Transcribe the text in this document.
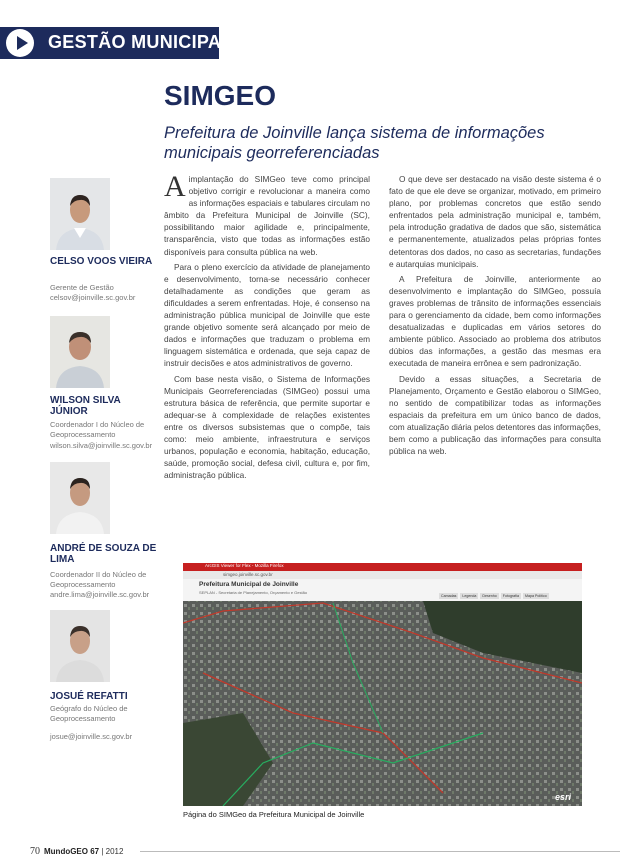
GESTÃO MUNICIPAL
SIMGEO
Prefeitura de Joinville lança sistema de informações municipais georreferenciadas
CELSO VOOS VIEIRA
Gerente de Gestão
celsov@joinville.sc.gov.br
WILSON SILVA JÚNIOR
Coordenador I do Núcleo de Geoprocessamento
wilson.silva@joinville.sc.gov.br
ANDRÉ DE SOUZA DE LIMA
Coordenador II do Núcleo de Geoprocessamento
andre.lima@joinville.sc.gov.br
JOSUÉ REFATTI
Geógrafo do Núcleo de Geoprocessamento
josue@joinville.sc.gov.br
A implantação do SIMGeo teve como principal objetivo corrigir e revolucionar a maneira como as informações espaciais e tabulares circulam no âmbito da Prefeitura Municipal de Joinville (SC), possibilitando maior agilidade e, principalmente, transparência, visto que todas as informações estão disponíveis para consulta pública na web.

Para o pleno exercício da atividade de planejamento e desenvolvimento, torna-se necessário conhecer detalhadamente as condições que geram as dificuldades a serem enfrentadas. Hoje, é consenso na administração pública municipal de Joinville que este grande objetivo somente será alcançado por meio de dados e informações que traduzam o problema em linguagem sistemática e ordenada, que seja capaz de instruir decisões e atos administrativos de governo.

Com base nesta visão, o Sistema de Informações Municipais Georreferenciadas (SIMGeo) possui uma estrutura básica de referência, que permite suportar e adequar-se à complexidade de relações existentes entre os diversos subsistemas que o compõe, tais como: meio ambiente, infraestrutura e serviços urbanos, população e economia, habitação, educação, saúde, promoção social, defesa civil, cultura e, por fim, administração pública.

O que deve ser destacado na visão deste sistema é o fato de que ele deve se organizar, motivado, em primeiro plano, por problemas concretos que estão sendo enfrentados pela administração municipal e, também, pela introdução gradativa de dados que são, sistemática e permanentemente, atualizados pelas próprias fontes detentoras dos dados, no caso as secretarias, fundações e autarquias municipais.

A Prefeitura de Joinville, anteriormente ao desenvolvimento e implantação do SIMGeo, possuía graves problemas de trânsito de informações essenciais para o gerenciamento da cidade, bem como informações desatualizadas e duplicadas em vários setores do ambiente público. Associado ao problema dos atributos dúbios das informações, a gestão das mesmas era executada de maneira errônea e sem padronização.

Devido a essas situações, a Secretaria de Planejamento, Orçamento e Gestão elaborou o SIMGeo, no sentido de compatibilizar todas as informações espaciais da prefeitura em um único banco de dados, com atualização diária pelos detentores das informações, bem como a publicação das informações para consulta pública na web.

ArcGIS Viewer for Flex - Mozilla Firefox
simgeo.joinville.sc.gov.br
Prefeitura Municipal de Joinville
SEPLAN - Secretaria de Planejamento, Orçamento e Gestão
Camadas	Legenda	Desenho	Fotografia	Mapa Político
esri
Página do SIMGeo da Prefeitura Municipal de Joinville
70 MundoGEO 67 | 2012
